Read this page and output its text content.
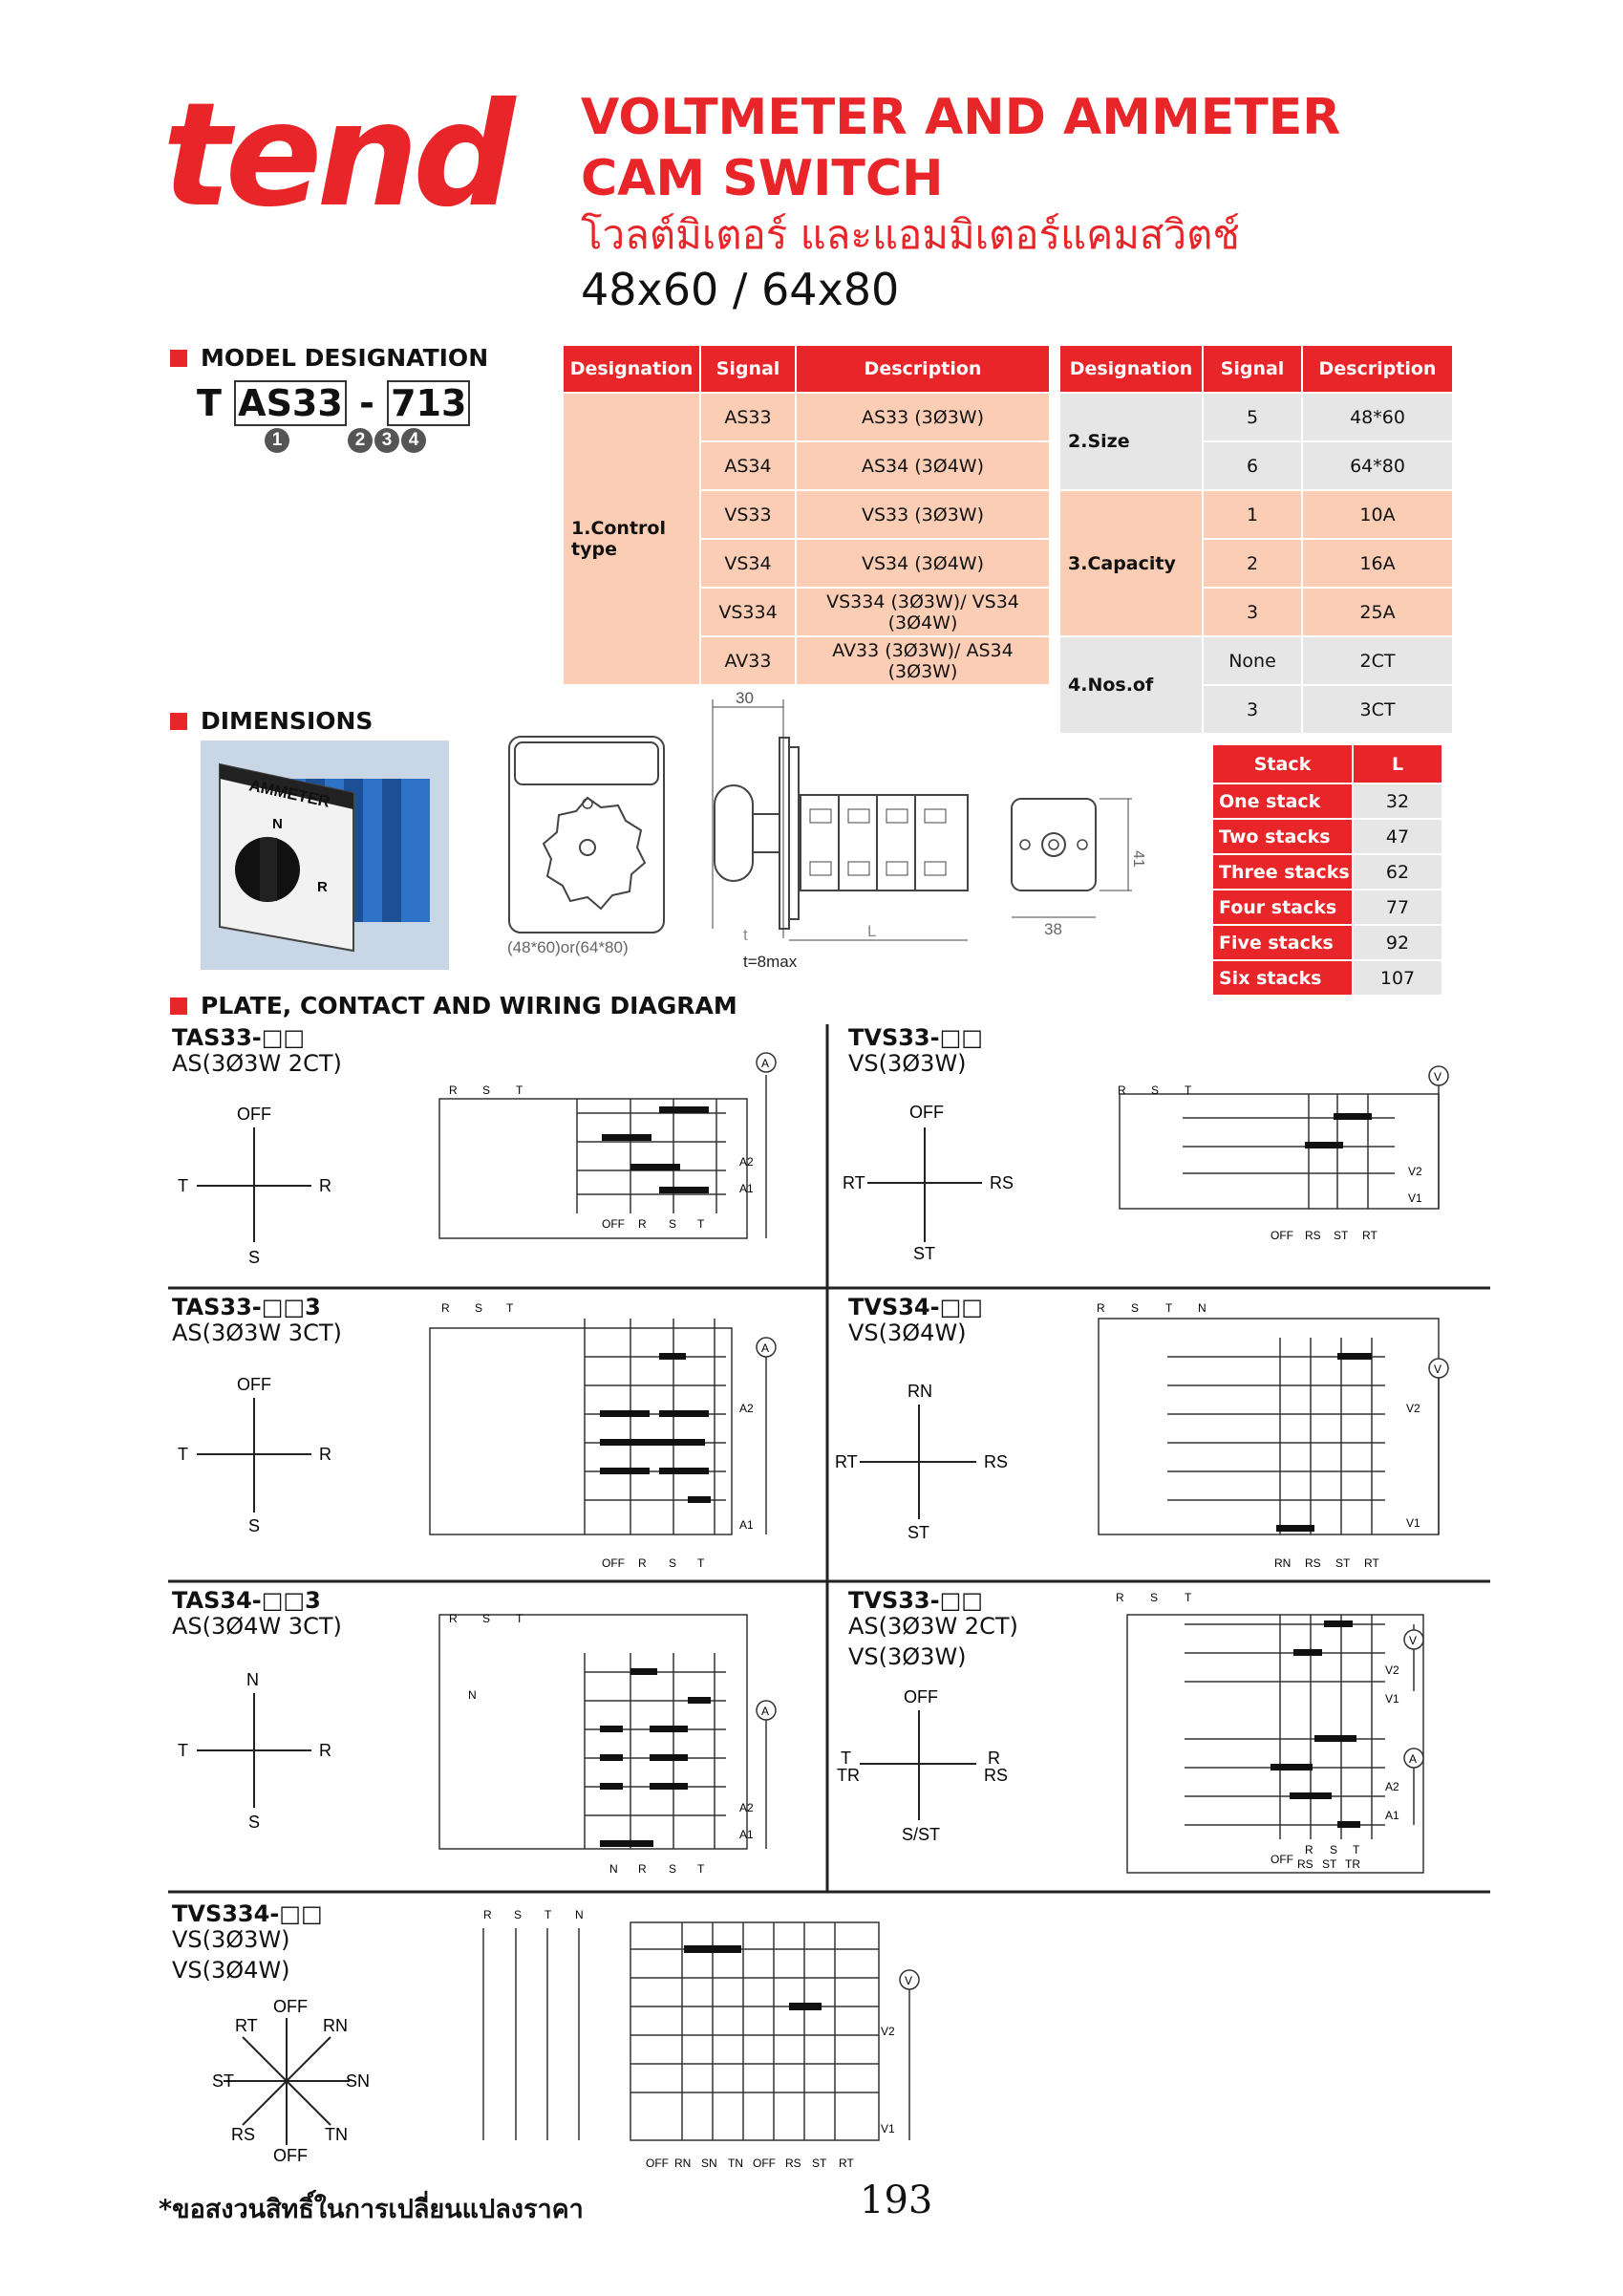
tend VOLTMETER AND AMMETER
CAM SWITCH
โวลต์มิเตอร์ และแอมมิเตอร์แคมสวิตช์
48x60 / 64x80
MODEL DESIGNATION
T AS33 - 713
1	2 3 4
Designation	Signal	Description
1.Control type	AS33	AS33 (3Ø3W)
	AS34	AS34 (3Ø4W)
	VS33	VS33 (3Ø3W)
	VS34	VS34 (3Ø4W)
	VS334	VS334 (3Ø3W)/ VS34 (3Ø4W)
	AV33	AV33 (3Ø3W)/ AS34 (3Ø3W)
Designation	Signal	Description
2.Size	5	48*60
	6	64*80
3.Capacity	1	10A
	2	16A
	3	25A
4.Nos.of	None	2CT
	3	3CT
DIMENSIONS
AMMETER
N
R
(48*60)or(64*80)
30
t	L
t=8max
41
38
Stack	L
One stack	32
Two stacks	47
Three stacks	62
Four stacks	77
Five stacks	92
Six stacks	107
PLATE, CONTACT AND WIRING DIAGRAM
TAS33-□□
AS(3Ø3W 2CT)
TVS33-□□
VS(3Ø3W)
TAS33-□□3
AS(3Ø3W 3CT)
TVS34-□□
VS(3Ø4W)
TAS34-□□3
AS(3Ø4W 3CT)
TVS33-□□
AS(3Ø3W 2CT)
VS(3Ø3W)
TVS334-□□
VS(3Ø3W)
VS(3Ø4W)
OFF
T	R
S
A
R S T
OFF R S T
A2
A1
OFF
RT	RS
ST
V
R S T
OFF RS ST RT
V2
V1
OFF
T	R
S
A
R S T
OFF R S T
A2
A1
RN
RT	RS
ST
V
R S T N
RN RS ST RT
V2
V1
N
T	R
S
A
R S T
N
N R S T
A2
A1
OFF
T	R
TR	RS
S/ST
V
A
R S T
R S T
OFF RS ST TR
V2
V1
A2
A1
OFF
RT	RN
ST	SN
RS	TN
OFF
V
R S T N
OFF RN SN TN OFF RS ST RT
V2
V1
*ขอสงวนสิทธิ์ในการเปลี่ยนแปลงราคา	193
